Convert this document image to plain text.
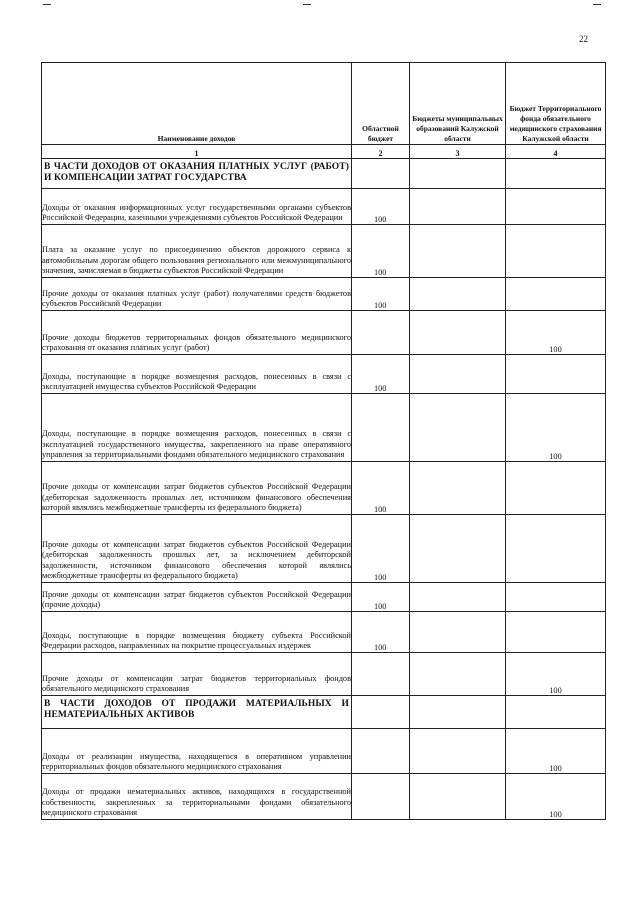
22
Наименование доходов	Областной бюджет	Бюджеты муниципальных образований Калужской области	Бюджет Территориального фонда обязательного медицинского страхования Калужской области
1	2	3	4
В ЧАСТИ ДОХОДОВ ОТ ОКАЗАНИЯ ПЛАТНЫХ УСЛУГ (РАБОТ) И КОМПЕНСАЦИИ ЗАТРАТ ГОСУДАРСТВА			
Доходы от оказания информационных услуг государственными органами субъектов Российской Федерации, казенными учреждениями субъектов Российской Федерации	100		
Плата за оказание услуг по присоединению объектов дорожного сервиса к автомобильным дорогам общего пользования регионального или межмуниципального значения, зачисляемая в бюджеты субъектов Российской Федерации	100		
Прочие доходы от оказания платных услуг (работ) получателями средств бюджетов субъектов Российской Федерации	100		
Прочие доходы бюджетов территориальных фондов обязательного медицинского страхования от оказания платных услуг (работ)			100
Доходы, поступающие в порядке возмещения расходов, понесенных в связи с эксплуатацией имущества субъектов Российской Федерации	100		
Доходы, поступающие в порядке возмещения расходов, понесенных в связи с эксплуатацией государственного имущества, закрепленного на праве оперативного управления за территориальными фондами обязательного медицинского страхования			100
Прочие доходы от компенсации затрат бюджетов субъектов Российской Федерации (дебиторская задолженность прошлых лет, источником финансового обеспечения которой являлись межбюджетные трансферты из федерального бюджета)	100		
Прочие доходы от компенсации затрат бюджетов субъектов Российской Федерации (дебиторская задолженность прошлых лет, за исключением дебиторской задолженности, источником финансового обеспечения которой являлись межбюджетные трансферты из федерального бюджета)	100		
Прочие доходы от компенсации затрат бюджетов субъектов Российской Федерации (прочие доходы)	100		
Доходы, поступающие в порядке возмещения бюджету субъекта Российской Федерации расходов, направленных на покрытие процессуальных издержек	100		
Прочие доходы от компенсации затрат бюджетов территориальных фондов обязательного медицинского страхования			100
В ЧАСТИ ДОХОДОВ ОТ ПРОДАЖИ МАТЕРИАЛЬНЫХ И НЕМАТЕРИАЛЬНЫХ АКТИВОВ			
Доходы от реализации имущества, находящегося в оперативном управлении территориальных фондов обязательного медицинского страхования			100
Доходы от продажи нематериальных активов, находящихся в государственной собственности, закрепленных за территориальными фондами обязательного медицинского страхования			100
